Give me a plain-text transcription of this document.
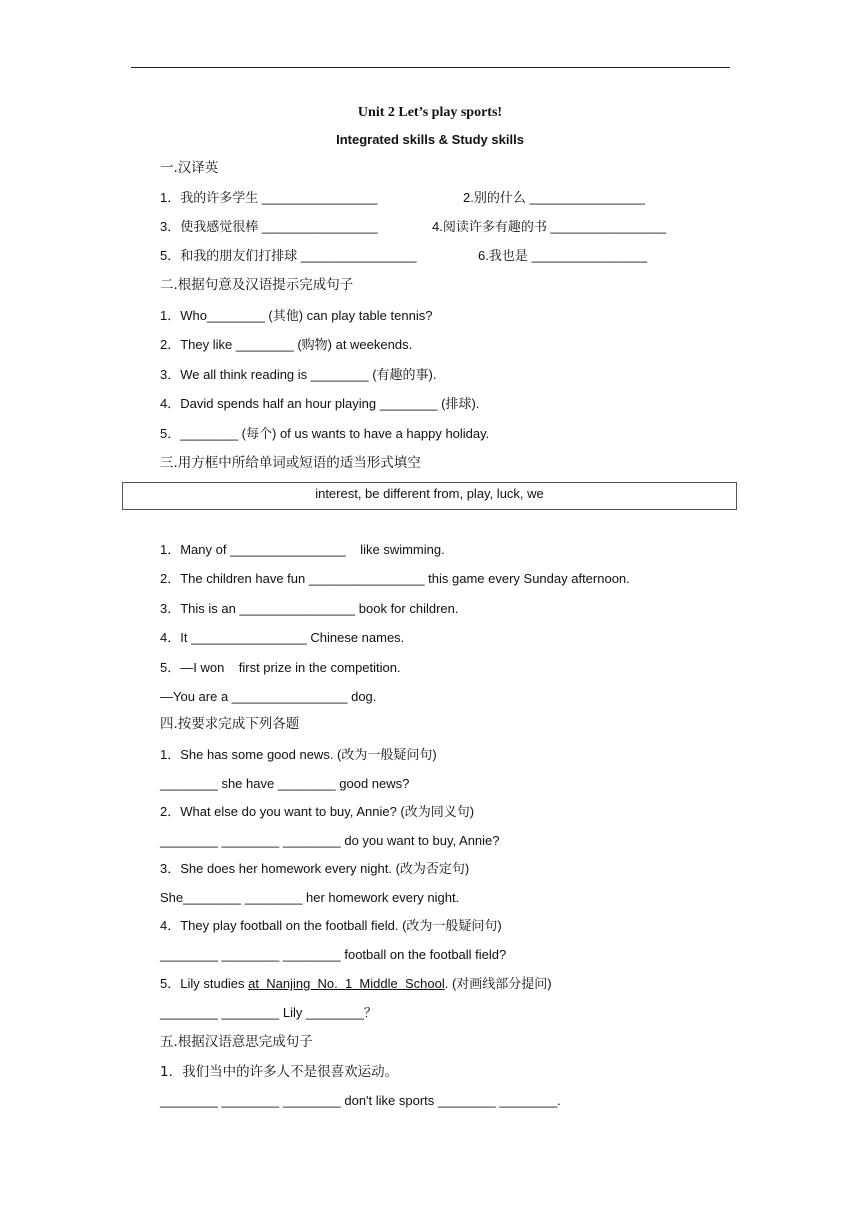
Unit 2 Let’s play sports!
Integrated skills & Study skills
一.汉译英
1．我的许多学生 ________________	2.别的什么 ________________
3．使我感觉很棒 ________________	4.阅读许多有趣的书 ________________
5．和我的朋友们打排球 ________________	6.我也是 ________________
二.根据句意及汉语提示完成句子
1．Who________ (其他) can play table tennis?
2．They like ________ (购物) at weekends.
3．We all think reading is ________ (有趣的事).
4．David spends half an hour playing ________ (排球).
5．________ (每个) of us wants to have a happy holiday.
三.用方框中所给单词或短语的适当形式填空
interest, be different from, play, luck, we
1．Many of ________________    like swimming.
2．The children have fun ________________ this game every Sunday afternoon.
3．This is an ________________ book for children.
4．It ________________ Chinese names.
5．—I won    first prize in the competition.
—You are a ________________ dog.
四.按要求完成下列各题
1．She has some good news. (改为一般疑问句)
________ she have ________ good news?
2．What else do you want to buy, Annie? (改为同义句)
________ ________ ________ do you want to buy, Annie?
3．She does her homework every night. (改为否定句)
She________ ________ her homework every night.
4．They play football on the football field. (改为一般疑问句)
________ ________ ________ football on the football field?
5．Lily studies at  Nanjing  No.  1  Middle  School. (对画线部分提问)
________ ________ Lily ________？
五.根据汉语意思完成句子
1．我们当中的许多人不是很喜欢运动。
________ ________ ________ don't like sports ________ ________.
